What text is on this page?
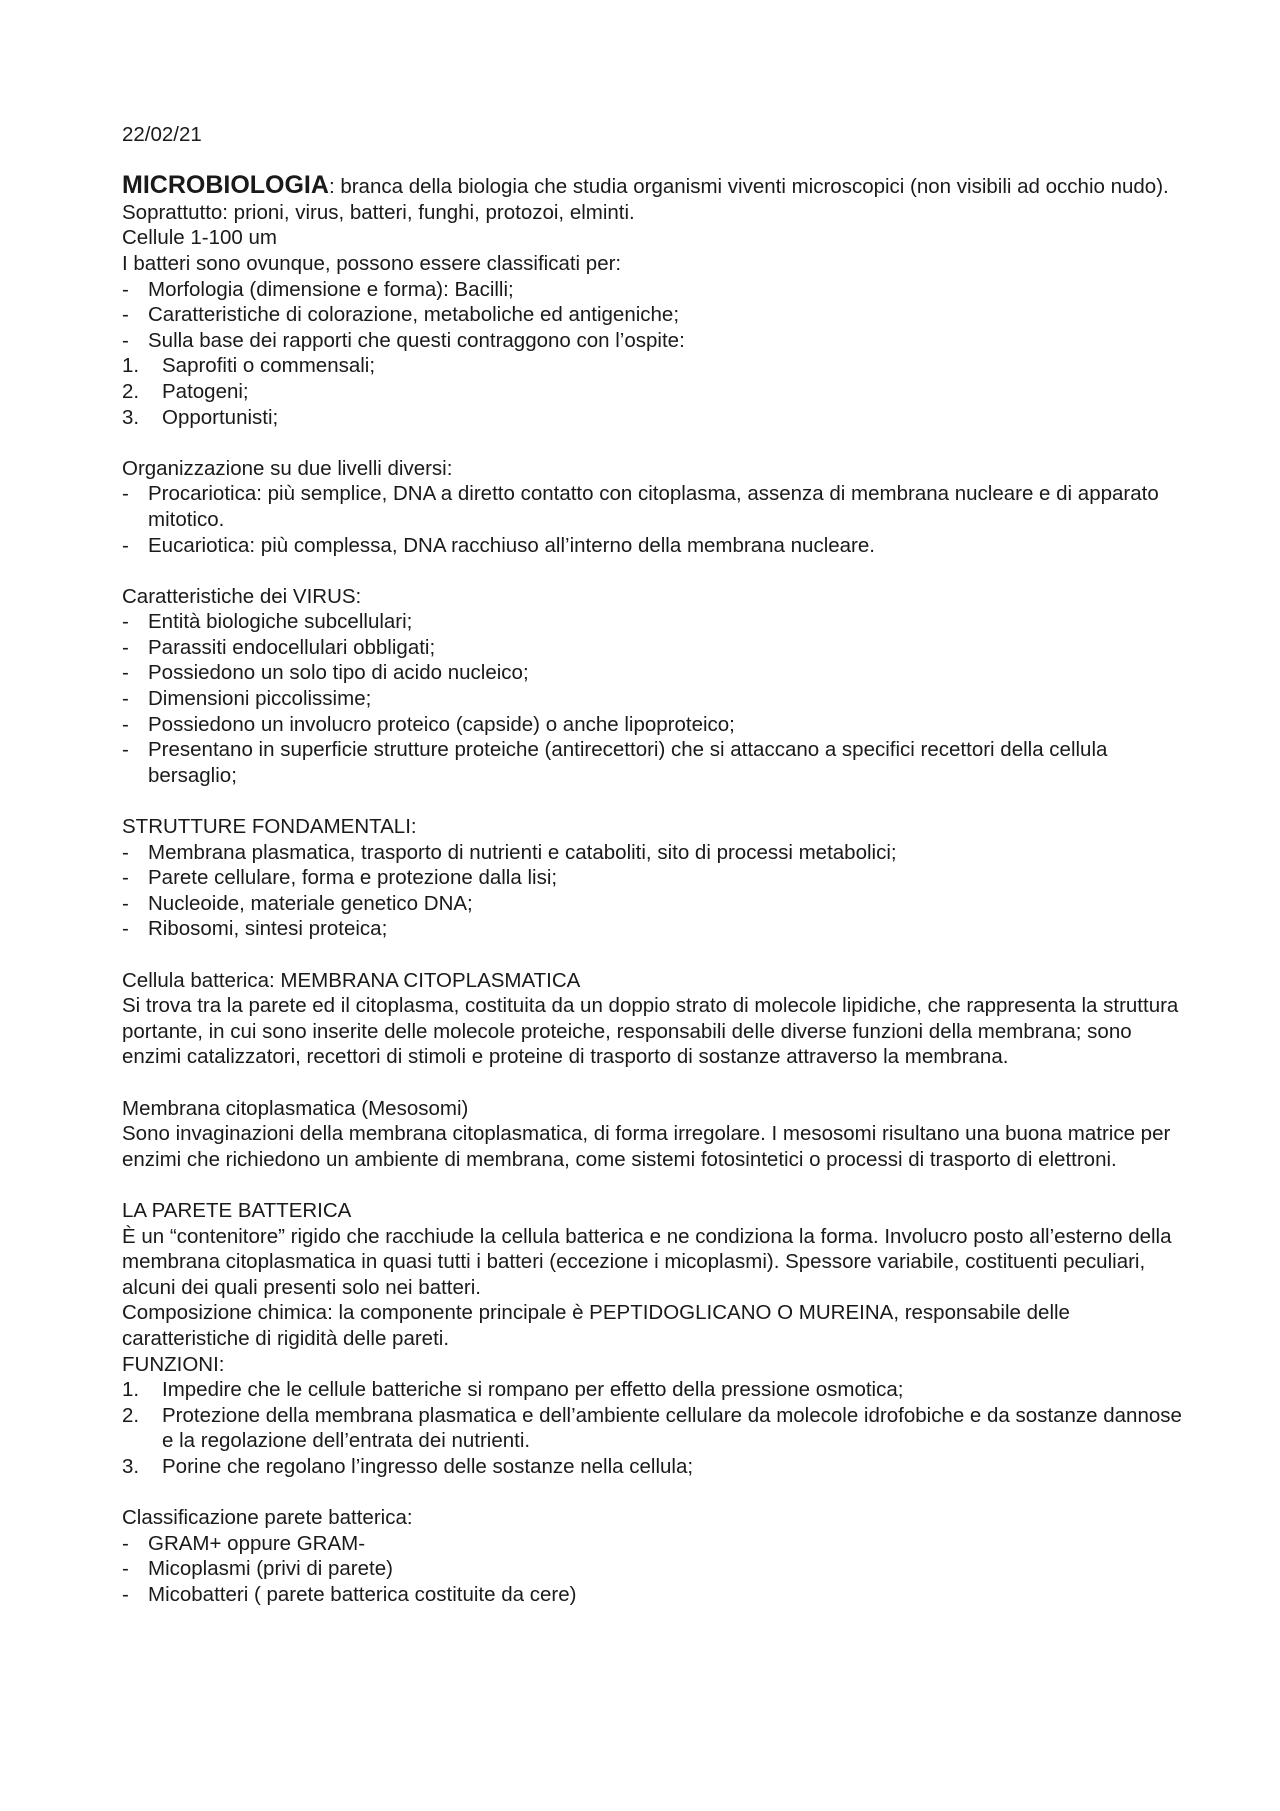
22/02/21

MICROBIOLOGIA: branca della biologia che studia organismi viventi microscopici (non visibili ad occhio nudo). Soprattutto: prioni, virus, batteri, funghi, protozoi, elminti.

Cellule 1-100 um

I batteri sono ovunque, possono essere classificati per:

- Morfologia (dimensione e forma): Bacilli;
- Caratteristiche di colorazione, metaboliche ed antigeniche;
- Sulla base dei rapporti che questi contraggono con l’ospite:
1.	Saprofiti o commensali;
2.	Patogeni;
3.	Opportunisti;

Organizzazione su due livelli diversi:

- Procariotica: più semplice, DNA a diretto contatto con citoplasma, assenza di membrana nucleare e di apparato mitotico.
- Eucariotica: più complessa, DNA racchiuso all’interno della membrana nucleare.

Caratteristiche dei VIRUS:

- Entità biologiche subcellulari;
- Parassiti endocellulari obbligati;
- Possiedono un solo tipo di acido nucleico;
- Dimensioni piccolissime;
- Possiedono un involucro proteico (capside) o anche lipoproteico;
- Presentano in superficie strutture proteiche (antirecettori) che si attaccano a specifici recettori della cellula bersaglio;

STRUTTURE FONDAMENTALI:

- Membrana plasmatica, trasporto di nutrienti e cataboliti, sito di processi metabolici;
- Parete cellulare, forma e protezione dalla lisi;
- Nucleoide, materiale genetico DNA;
- Ribosomi, sintesi proteica;

Cellula batterica: MEMBRANA CITOPLASMATICA

Si trova tra la parete ed il citoplasma, costituita da un doppio strato di molecole lipidiche, che rappresenta la struttura portante, in cui sono inserite delle molecole proteiche, responsabili delle diverse funzioni della membrana; sono enzimi catalizzatori, recettori di stimoli e proteine di trasporto di sostanze attraverso la membrana.

Membrana citoplasmatica (Mesosomi)

Sono invaginazioni della membrana citoplasmatica, di forma irregolare. I mesosomi risultano una buona matrice per enzimi che richiedono un ambiente di membrana, come sistemi fotosintetici o processi di trasporto di elettroni.

LA PARETE BATTERICA

È un “contenitore” rigido che racchiude la cellula batterica e ne condiziona la forma. Involucro posto all’esterno della membrana citoplasmatica in quasi tutti i batteri (eccezione i micoplasmi). Spessore variabile, costituenti peculiari, alcuni dei quali presenti solo nei batteri.

Composizione chimica: la componente principale è PEPTIDOGLICANO O MUREINA, responsabile delle caratteristiche di rigidità delle pareti.

FUNZIONI:

1.	Impedire che le cellule batteriche si rompano per effetto della pressione osmotica;
2.	Protezione della membrana plasmatica e dell’ambiente cellulare da molecole idrofobiche e da sostanze dannose e la regolazione dell’entrata dei nutrienti.
3.	Porine che regolano l’ingresso delle sostanze nella cellula;

Classificazione parete batterica:

- GRAM+ oppure GRAM-
- Micoplasmi (privi di parete)
- Micobatteri ( parete batterica costituite da cere)
